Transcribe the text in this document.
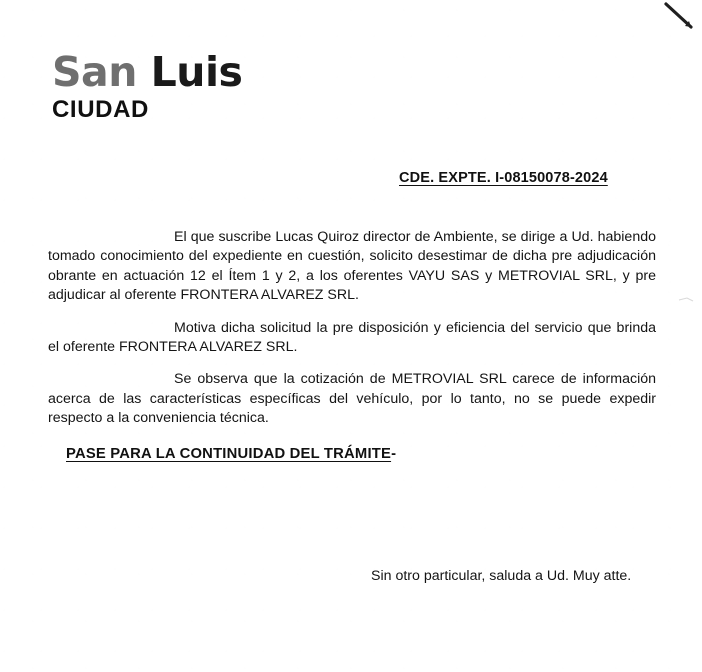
San Luis
CIUDAD
CDE. EXPTE. I-08150078-2024

El que suscribe Lucas Quiroz director de Ambiente, se dirige a Ud. habiendo tomado conocimiento del expediente en cuestión, solicito desestimar de dicha pre adjudicación obrante en actuación 12 el Ítem 1 y 2, a los oferentes VAYU SAS y METROVIAL SRL, y pre adjudicar al oferente FRONTERA ALVAREZ SRL.

Motiva dicha solicitud la pre disposición y eficiencia del servicio que brinda el oferente FRONTERA ALVAREZ SRL.

Se observa que la cotización de METROVIAL SRL carece de información acerca de las características específicas del vehículo, por lo tanto, no se puede expedir respecto a la conveniencia técnica.

PASE PARA LA CONTINUIDAD DEL TRÁMITE-
Sin otro particular, saluda a Ud. Muy atte.
